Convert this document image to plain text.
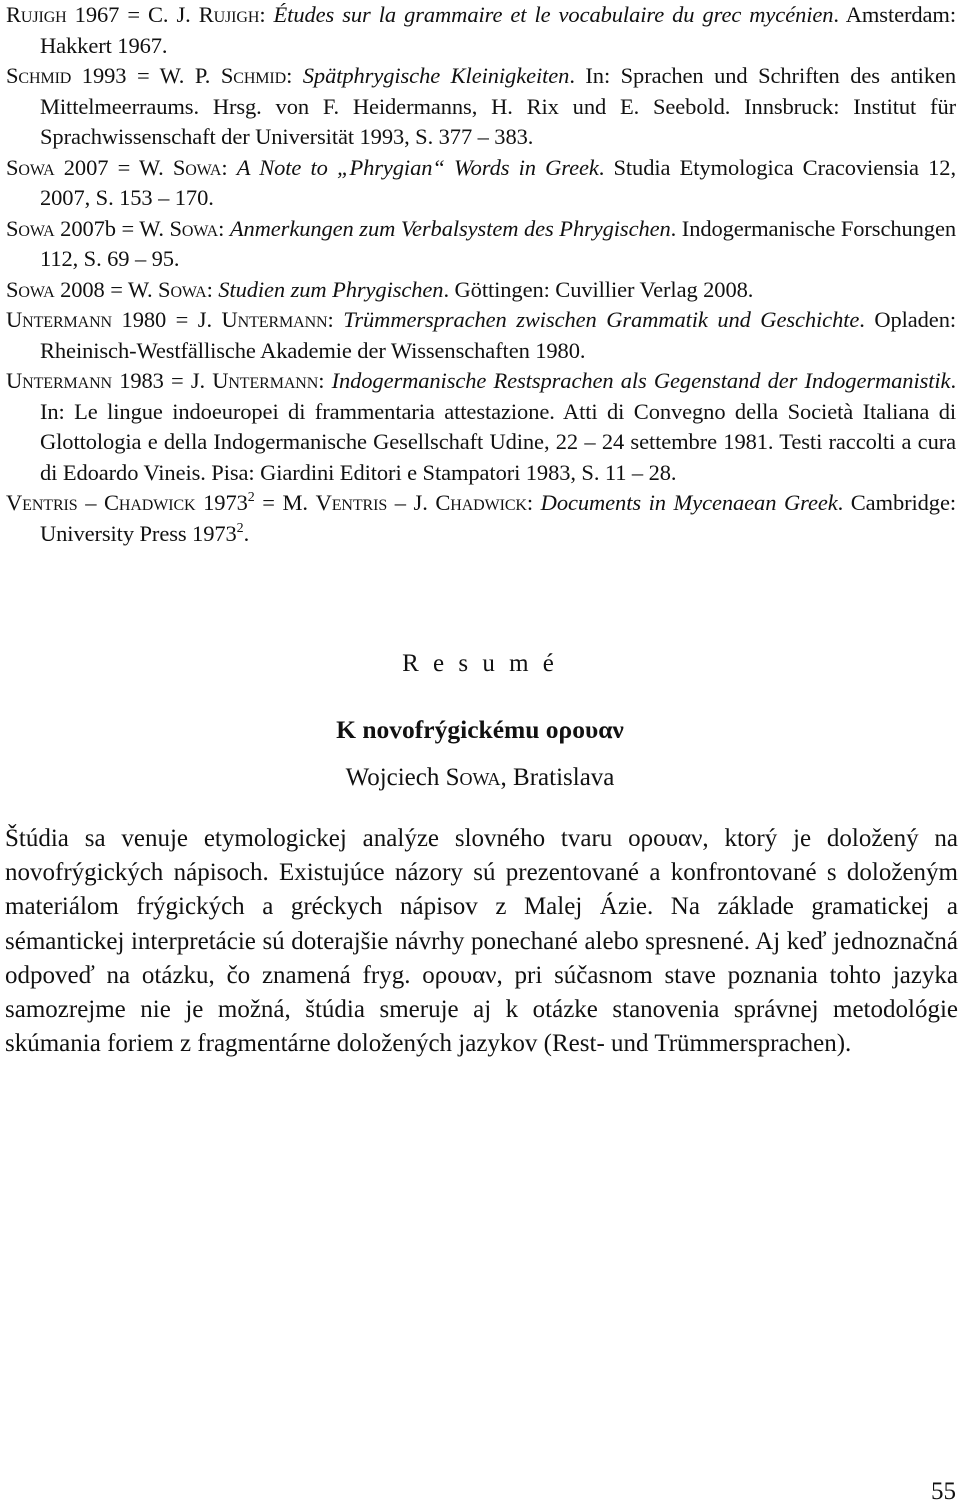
Rujigh 1967 = C. J. Rujigh: Études sur la grammaire et le vocabulaire du grec mycénien. Amsterdam: Hakkert 1967.
Schmid 1993 = W. P. Schmid: Spätphrygische Kleinigkeiten. In: Sprachen und Schriften des antiken Mittelmeerraums. Hrsg. von F. Heidermanns, H. Rix und E. Seebold. Innsbruck: Institut für Sprachwissenschaft der Universität 1993, S. 377 – 383.
Sowa 2007 = W. Sowa: A Note to „Phrygian“ Words in Greek. Studia Etymologica Cracoviensia 12, 2007, S. 153 – 170.
Sowa 2007b = W. Sowa: Anmerkungen zum Verbalsystem des Phrygischen. Indogermanische Forschungen 112, S. 69 – 95.
Sowa 2008 = W. Sowa: Studien zum Phrygischen. Göttingen: Cuvillier Verlag 2008.
Untermann 1980 = J. Untermann: Trümmersprachen zwischen Grammatik und Geschichte. Opladen: Rheinisch-Westfällische Akademie der Wissenschaften 1980.
Untermann 1983 = J. Untermann: Indogermanische Restsprachen als Gegenstand der Indogermanistik. In: Le lingue indoeuropei di frammentaria attestazione. Atti di Convegno della Società Italiana di Glottologia e della Indogermanische Gesellschaft Udine, 22 – 24 settembre 1981. Testi raccolti a cura di Edoardo Vineis. Pisa: Giardini Editori e Stampatori 1983, S. 11 – 28.
Ventris – Chadwick $1973^2 = M$. Ventris – J. Chadwick: Documents in Mycenaean Greek. Cambridge: University Press 1973$^2$.
R e s u m é
K novofrýgickému ορουαν
Wojciech Sowa, Bratislava
Štúdia sa venuje etymologickej analýze slovného tvaru ορουαν, ktorý je doložený na novofrýgických nápisoch. Existujúce názory sú prezentované a konfrontované s doloženým materiálom frýgických a gréckych nápisov z Malej Ázie. Na základe gramatickej a sémantickej interpretácie sú doterajšie návrhy ponechané alebo spresnené. Aj keď jednoznačná odpoveď na otázku, čo znamená fryg. ορουαν, pri súčasnom stave poznania tohto jazyka samozrejme nie je možná, štúdia smeruje aj k otázke stanovenia správnej metodológie skúmania foriem z fragmentárne doložených jazykov (Rest- und Trümmersprachen).
55
